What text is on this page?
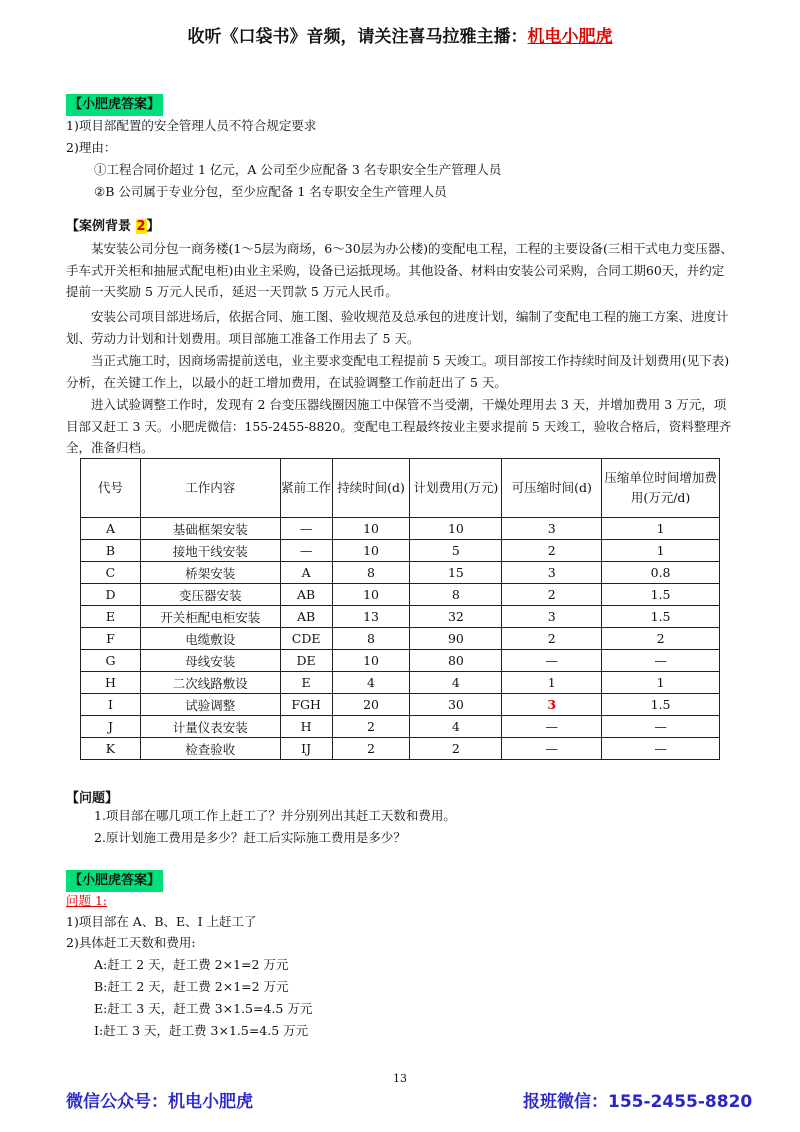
收听《口袋书》音频，请关注喜马拉雅主播：机电小肥虎
【小肥虎答案】
1)项目部配置的安全管理人员不符合规定要求
2)理由：
①工程合同价超过 1 亿元，A 公司至少应配备 3 名专职安全生产管理人员
②B 公司属于专业分包，至少应配备 1 名专职安全生产管理人员
【案例背景 2】
某安装公司分包一商务楼(1～5层为商场，6～30层为办公楼)的变配电工程，工程的主要设备(三相干式电力变压器、手车式开关柜和抽屉式配电柜)由业主采购，设备已运抵现场。其他设备、材料由安装公司采购，合同工期60天，并约定提前一天奖励 5 万元人民币，延迟一天罚款 5 万元人民币。
安装公司项目部进场后，依据合同、施工图、验收规范及总承包的进度计划，编制了变配电工程的施工方案、进度计划、劳动力计划和计划费用。项目部施工准备工作用去了 5 天。
当正式施工时，因商场需提前送电，业主要求变配电工程提前 5 天竣工。项目部按工作持续时间及计划费用(见下表)分析，在关键工作上，以最小的赶工增加费用，在试验调整工作前赶出了 5 天。
进入试验调整工作时，发现有 2 台变压器线圈因施工中保管不当受潮，干燥处理用去 3 天，并增加费用 3 万元，项目部又赶工 3 天。小肥虎微信：155-2455-8820。变配电工程最终按业主要求提前 5 天竣工，验收合格后，资料整理齐全，准备归档。
代号	工作内容	紧前工作	持续时间(d)	计划费用(万元)	可压缩时间(d)	压缩单位时间增加费用(万元/d)
A	基础框架安装	—	10	10	3	1
B	接地干线安装	—	10	5	2	1
C	桥架安装	A	8	15	3	0.8
D	变压器安装	AB	10	8	2	1.5
E	开关柜配电柜安装	AB	13	32	3	1.5
F	电缆敷设	CDE	8	90	2	2
G	母线安装	DE	10	80	—	—
H	二次线路敷设	E	4	4	1	1
I	试验调整	FGH	20	30	3	1.5
J	计量仪表安装	H	2	4	—	—
K	检查验收	IJ	2	2	—	—
【问题】
1.项目部在哪几项工作上赶工了？并分别列出其赶工天数和费用。
2.原计划施工费用是多少？赶工后实际施工费用是多少？
【小肥虎答案】
问题 1:
1)项目部在 A、B、E、I 上赶工了
2)具体赶工天数和费用:
A:赶工 2 天，赶工费 2×1=2 万元
B:赶工 2 天，赶工费 2×1=2 万元
E:赶工 3 天，赶工费 3×1.5=4.5 万元
I:赶工 3 天，赶工费 3×1.5=4.5 万元
13
微信公众号：机电小肥虎	报班微信：155-2455-8820
